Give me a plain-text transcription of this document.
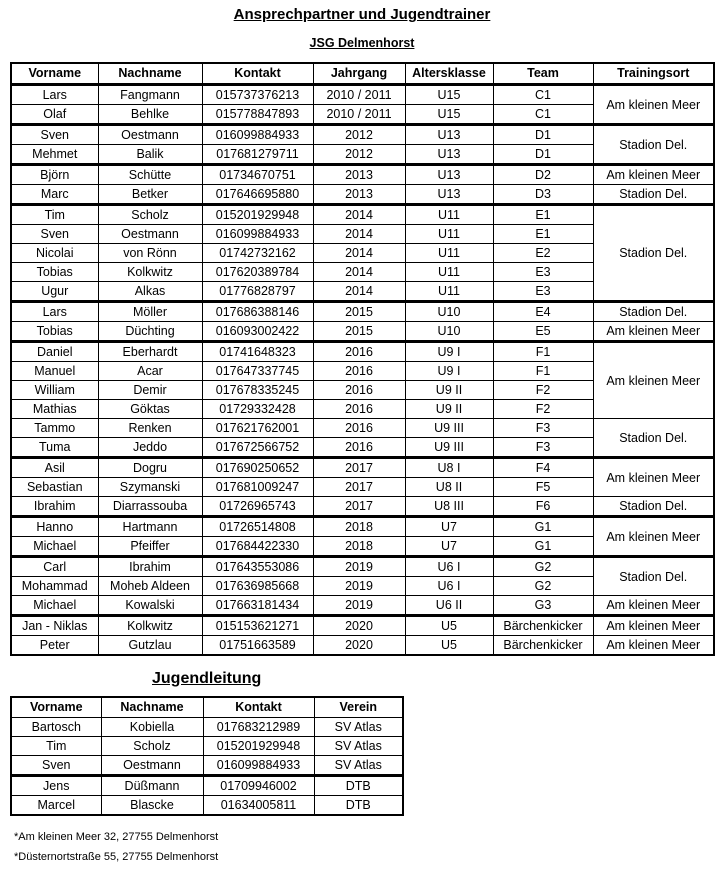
Ansprechpartner und Jugendtrainer
JSG Delmenhorst
Vorname	Nachname	Kontakt	Jahrgang	Altersklasse	Team	Trainingsort
Lars	Fangmann	015737376213	2010 / 2011	U15	C1	Am kleinen Meer
Olaf	Behlke	015778847893	2010 / 2011	U15	C1	
Sven	Oestmann	016099884933	2012	U13	D1	Stadion Del.
Mehmet	Balik	017681279711	2012	U13	D1	
Björn	Schütte	01734670751	2013	U13	D2	Am kleinen Meer
Marc	Betker	017646695880	2013	U13	D3	Stadion Del.
Tim	Scholz	015201929948	2014	U11	E1	Stadion Del.
Sven	Oestmann	016099884933	2014	U11	E1	
Nicolai	von Rönn	01742732162	2014	U11	E2	
Tobias	Kolkwitz	017620389784	2014	U11	E3	
Ugur	Alkas	01776828797	2014	U11	E3	
Lars	Möller	017686388146	2015	U10	E4	Stadion Del.
Tobias	Düchting	016093002422	2015	U10	E5	Am kleinen Meer
Daniel	Eberhardt	01741648323	2016	U9 I	F1	Am kleinen Meer
Manuel	Acar	017647337745	2016	U9 I	F1	
William	Demir	017678335245	2016	U9 II	F2	
Mathias	Göktas	01729332428	2016	U9 II	F2	
Tammo	Renken	017621762001	2016	U9 III	F3	Stadion Del.
Tuma	Jeddo	017672566752	2016	U9 III	F3	
Asil	Dogru	017690250652	2017	U8 I	F4	Am kleinen Meer
Sebastian	Szymanski	017681009247	2017	U8 II	F5	
Ibrahim	Diarrassouba	01726965743	2017	U8 III	F6	Stadion Del.
Hanno	Hartmann	01726514808	2018	U7	G1	Am kleinen Meer
Michael	Pfeiffer	017684422330	2018	U7	G1	
Carl	Ibrahim	017643553086	2019	U6 I	G2	Stadion Del.
Mohammad	Moheb Aldeen	017636985668	2019	U6 I	G2	
Michael	Kowalski	017663181434	2019	U6 II	G3	Am kleinen Meer
Jan - Niklas	Kolkwitz	015153621271	2020	U5	Bärchenkicker	Am kleinen Meer
Peter	Gutzlau	01751663589	2020	U5	Bärchenkicker	Am kleinen Meer
Jugendleitung
Vorname	Nachname	Kontakt	Verein
Bartosch	Kobiella	017683212989	SV Atlas
Tim	Scholz	015201929948	SV Atlas
Sven	Oestmann	016099884933	SV Atlas
Jens	Düßmann	01709946002	DTB
Marcel	Blascke	01634005811	DTB
*Am kleinen Meer 32, 27755 Delmenhorst
*Düsternortstraße 55, 27755 Delmenhorst
